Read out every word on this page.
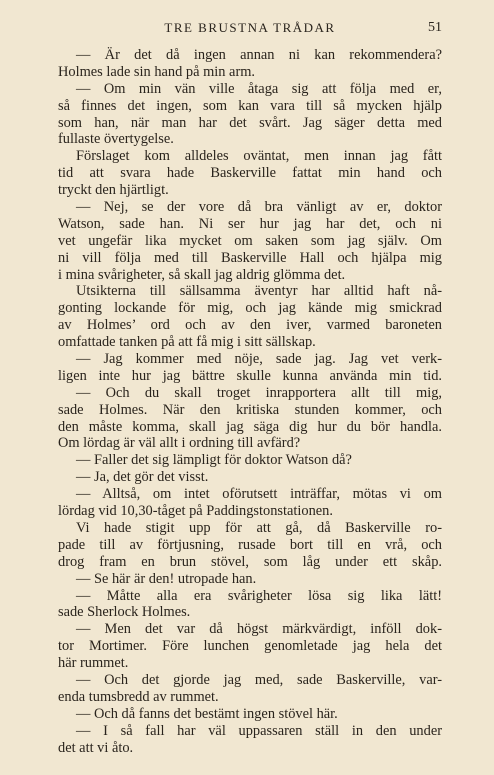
TRE BRUSTNA TRÅDAR	51
— Är det då ingen annan ni kan rekommendera?
Holmes lade sin hand på min arm.
— Om min vän ville åtaga sig att följa med er,
så finnes det ingen, som kan vara till så mycken hjälp
som han, när man har det svårt. Jag säger detta med
fullaste övertygelse.
Förslaget kom alldeles oväntat, men innan jag fått
tid att svara hade Baskerville fattat min hand och
tryckt den hjärtligt.
— Nej, se der vore då bra vänligt av er, doktor
Watson, sade han. Ni ser hur jag har det, och ni
vet ungefär lika mycket om saken som jag själv. Om
ni vill följa med till Baskerville Hall och hjälpa mig
i mina svårigheter, så skall jag aldrig glömma det.
Utsikterna till sällsamma äventyr har alltid haft nå-
gonting lockande för mig, och jag kände mig smickrad
av Holmes’ ord och av den iver, varmed baroneten
omfattade tanken på att få mig i sitt sällskap.
— Jag kommer med nöje, sade jag. Jag vet verk-
ligen inte hur jag bättre skulle kunna använda min tid.
— Och du skall troget inrapportera allt till mig,
sade Holmes. När den kritiska stunden kommer, och
den måste komma, skall jag säga dig hur du bör handla.
Om lördag är väl allt i ordning till avfärd?
— Faller det sig lämpligt för doktor Watson då?
— Ja, det gör det visst.
— Alltså, om intet oförutsett inträffar, mötas vi om
lördag vid 10,30-tåget på Paddingstonstationen.
Vi hade stigit upp för att gå, då Baskerville ro-
pade till av förtjusning, rusade bort till en vrå, och
drog fram en brun stövel, som låg under ett skåp.
— Se här är den! utropade han.
— Måtte alla era svårigheter lösa sig lika lätt!
sade Sherlock Holmes.
— Men det var då högst märkvärdigt, inföll dok-
tor Mortimer. Före lunchen genomletade jag hela det
här rummet.
— Och det gjorde jag med, sade Baskerville, var-
enda tumsbredd av rummet.
— Och då fanns det bestämt ingen stövel här.
— I så fall har väl uppassaren ställ in den under
det att vi åto.
